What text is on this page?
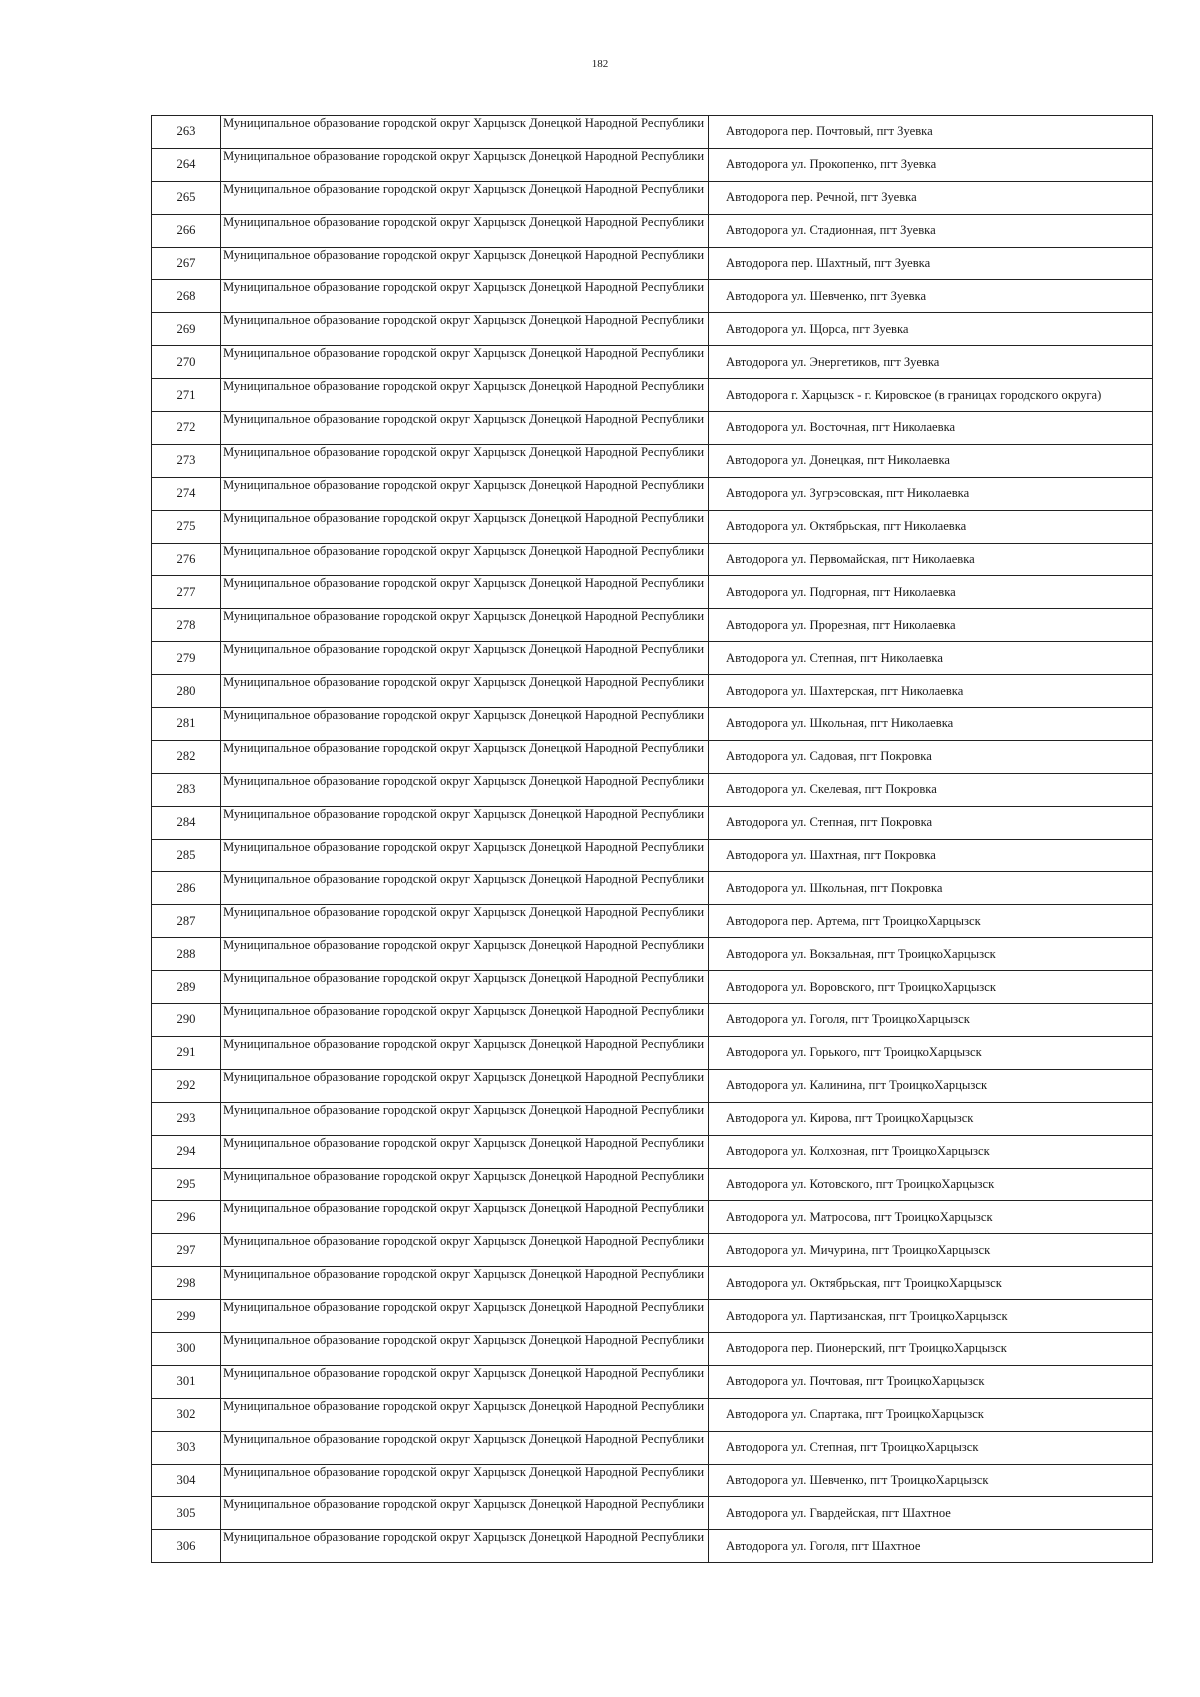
182
263	Муниципальное образование городской округ Харцызск Донецкой Народной Республики	Автодорога пер. Почтовый, пгт Зуевка
264	Муниципальное образование городской округ Харцызск Донецкой Народной Республики	Автодорога ул. Прокопенко, пгт Зуевка
265	Муниципальное образование городской округ Харцызск Донецкой Народной Республики	Автодорога пер. Речной, пгт Зуевка
266	Муниципальное образование городской округ Харцызск Донецкой Народной Республики	Автодорога ул. Стадионная, пгт Зуевка
267	Муниципальное образование городской округ Харцызск Донецкой Народной Республики	Автодорога пер. Шахтный, пгт Зуевка
268	Муниципальное образование городской округ Харцызск Донецкой Народной Республики	Автодорога ул. Шевченко, пгт Зуевка
269	Муниципальное образование городской округ Харцызск Донецкой Народной Республики	Автодорога ул. Щорса, пгт Зуевка
270	Муниципальное образование городской округ Харцызск Донецкой Народной Республики	Автодорога ул. Энергетиков, пгт Зуевка
271	Муниципальное образование городской округ Харцызск Донецкой Народной Республики	Автодорога г. Харцызск - г. Кировское (в границах городского округа)
272	Муниципальное образование городской округ Харцызск Донецкой Народной Республики	Автодорога ул. Восточная, пгт Николаевка
273	Муниципальное образование городской округ Харцызск Донецкой Народной Республики	Автодорога ул. Донецкая, пгт Николаевка
274	Муниципальное образование городской округ Харцызск Донецкой Народной Республики	Автодорога ул. Зугрэсовская, пгт Николаевка
275	Муниципальное образование городской округ Харцызск Донецкой Народной Республики	Автодорога ул. Октябрьская, пгт Николаевка
276	Муниципальное образование городской округ Харцызск Донецкой Народной Республики	Автодорога ул. Первомайская, пгт Николаевка
277	Муниципальное образование городской округ Харцызск Донецкой Народной Республики	Автодорога ул. Подгорная, пгт Николаевка
278	Муниципальное образование городской округ Харцызск Донецкой Народной Республики	Автодорога ул. Прорезная, пгт Николаевка
279	Муниципальное образование городской округ Харцызск Донецкой Народной Республики	Автодорога ул. Степная, пгт Николаевка
280	Муниципальное образование городской округ Харцызск Донецкой Народной Республики	Автодорога ул. Шахтерская, пгт Николаевка
281	Муниципальное образование городской округ Харцызск Донецкой Народной Республики	Автодорога ул. Школьная, пгт Николаевка
282	Муниципальное образование городской округ Харцызск Донецкой Народной Республики	Автодорога ул. Садовая, пгт Покровка
283	Муниципальное образование городской округ Харцызск Донецкой Народной Республики	Автодорога ул. Скелевая, пгт Покровка
284	Муниципальное образование городской округ Харцызск Донецкой Народной Республики	Автодорога ул. Степная, пгт Покровка
285	Муниципальное образование городской округ Харцызск Донецкой Народной Республики	Автодорога ул. Шахтная, пгт Покровка
286	Муниципальное образование городской округ Харцызск Донецкой Народной Республики	Автодорога ул. Школьная, пгт Покровка
287	Муниципальное образование городской округ Харцызск Донецкой Народной Республики	Автодорога пер. Артема, пгт ТроицкоХарцызск
288	Муниципальное образование городской округ Харцызск Донецкой Народной Республики	Автодорога ул. Вокзальная, пгт ТроицкоХарцызск
289	Муниципальное образование городской округ Харцызск Донецкой Народной Республики	Автодорога ул. Воровского, пгт ТроицкоХарцызск
290	Муниципальное образование городской округ Харцызск Донецкой Народной Республики	Автодорога ул. Гоголя, пгт ТроицкоХарцызск
291	Муниципальное образование городской округ Харцызск Донецкой Народной Республики	Автодорога ул. Горького, пгт ТроицкоХарцызск
292	Муниципальное образование городской округ Харцызск Донецкой Народной Республики	Автодорога ул. Калинина, пгт ТроицкоХарцызск
293	Муниципальное образование городской округ Харцызск Донецкой Народной Республики	Автодорога ул. Кирова, пгт ТроицкоХарцызск
294	Муниципальное образование городской округ Харцызск Донецкой Народной Республики	Автодорога ул. Колхозная, пгт ТроицкоХарцызск
295	Муниципальное образование городской округ Харцызск Донецкой Народной Республики	Автодорога ул. Котовского, пгт ТроицкоХарцызск
296	Муниципальное образование городской округ Харцызск Донецкой Народной Республики	Автодорога ул. Матросова, пгт ТроицкоХарцызск
297	Муниципальное образование городской округ Харцызск Донецкой Народной Республики	Автодорога ул. Мичурина, пгт ТроицкоХарцызск
298	Муниципальное образование городской округ Харцызск Донецкой Народной Республики	Автодорога ул. Октябрьская, пгт ТроицкоХарцызск
299	Муниципальное образование городской округ Харцызск Донецкой Народной Республики	Автодорога ул. Партизанская, пгт ТроицкоХарцызск
300	Муниципальное образование городской округ Харцызск Донецкой Народной Республики	Автодорога пер. Пионерский, пгт ТроицкоХарцызск
301	Муниципальное образование городской округ Харцызск Донецкой Народной Республики	Автодорога ул. Почтовая, пгт ТроицкоХарцызск
302	Муниципальное образование городской округ Харцызск Донецкой Народной Республики	Автодорога ул. Спартака, пгт ТроицкоХарцызск
303	Муниципальное образование городской округ Харцызск Донецкой Народной Республики	Автодорога ул. Степная, пгт ТроицкоХарцызск
304	Муниципальное образование городской округ Харцызск Донецкой Народной Республики	Автодорога ул. Шевченко, пгт ТроицкоХарцызск
305	Муниципальное образование городской округ Харцызск Донецкой Народной Республики	Автодорога ул. Гвардейская, пгт Шахтное
306	Муниципальное образование городской округ Харцызск Донецкой Народной Республики	Автодорога ул. Гоголя, пгт Шахтное
